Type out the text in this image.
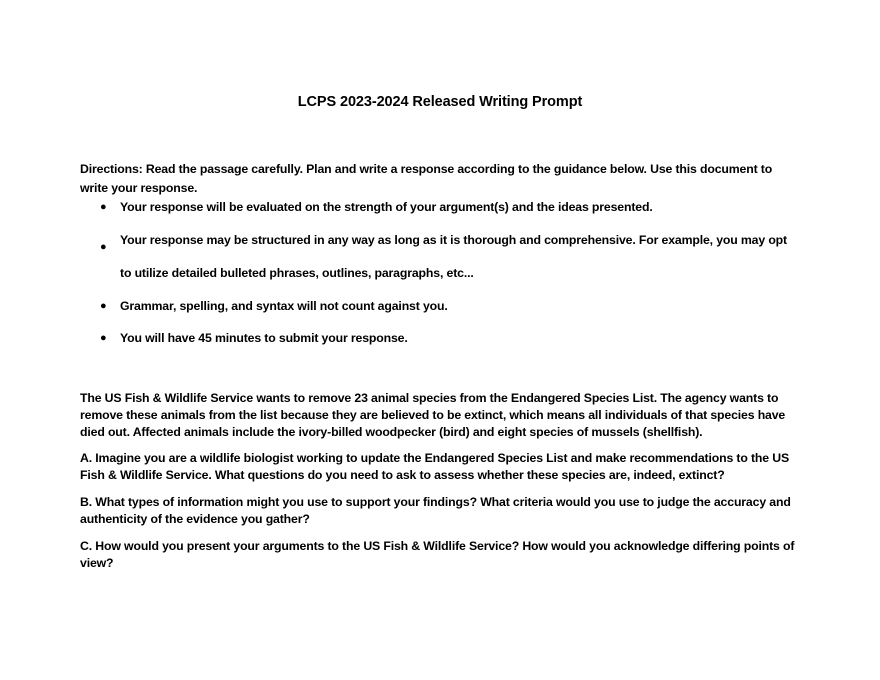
LCPS 2023-2024 Released Writing Prompt
Directions: Read the passage carefully. Plan and write a response according to the guidance below. Use this document to write your response.
● Your response will be evaluated on the strength of your argument(s) and the ideas presented.
● Your response may be structured in any way as long as it is thorough and comprehensive. For example, you may opt to utilize detailed bulleted phrases, outlines, paragraphs, etc...
● Grammar, spelling, and syntax will not count against you.
● You will have 45 minutes to submit your response.
The US Fish & Wildlife Service wants to remove 23 animal species from the Endangered Species List. The agency wants to remove these animals from the list because they are believed to be extinct, which means all individuals of that species have died out. Affected animals include the ivory-billed woodpecker (bird) and eight species of mussels (shellfish).
A. Imagine you are a wildlife biologist working to update the Endangered Species List and make recommendations to the US Fish & Wildlife Service. What questions do you need to ask to assess whether these species are, indeed, extinct?
B. What types of information might you use to support your findings? What criteria would you use to judge the accuracy and authenticity of the evidence you gather?
C. How would you present your arguments to the US Fish & Wildlife Service? How would you acknowledge differing points of view?
